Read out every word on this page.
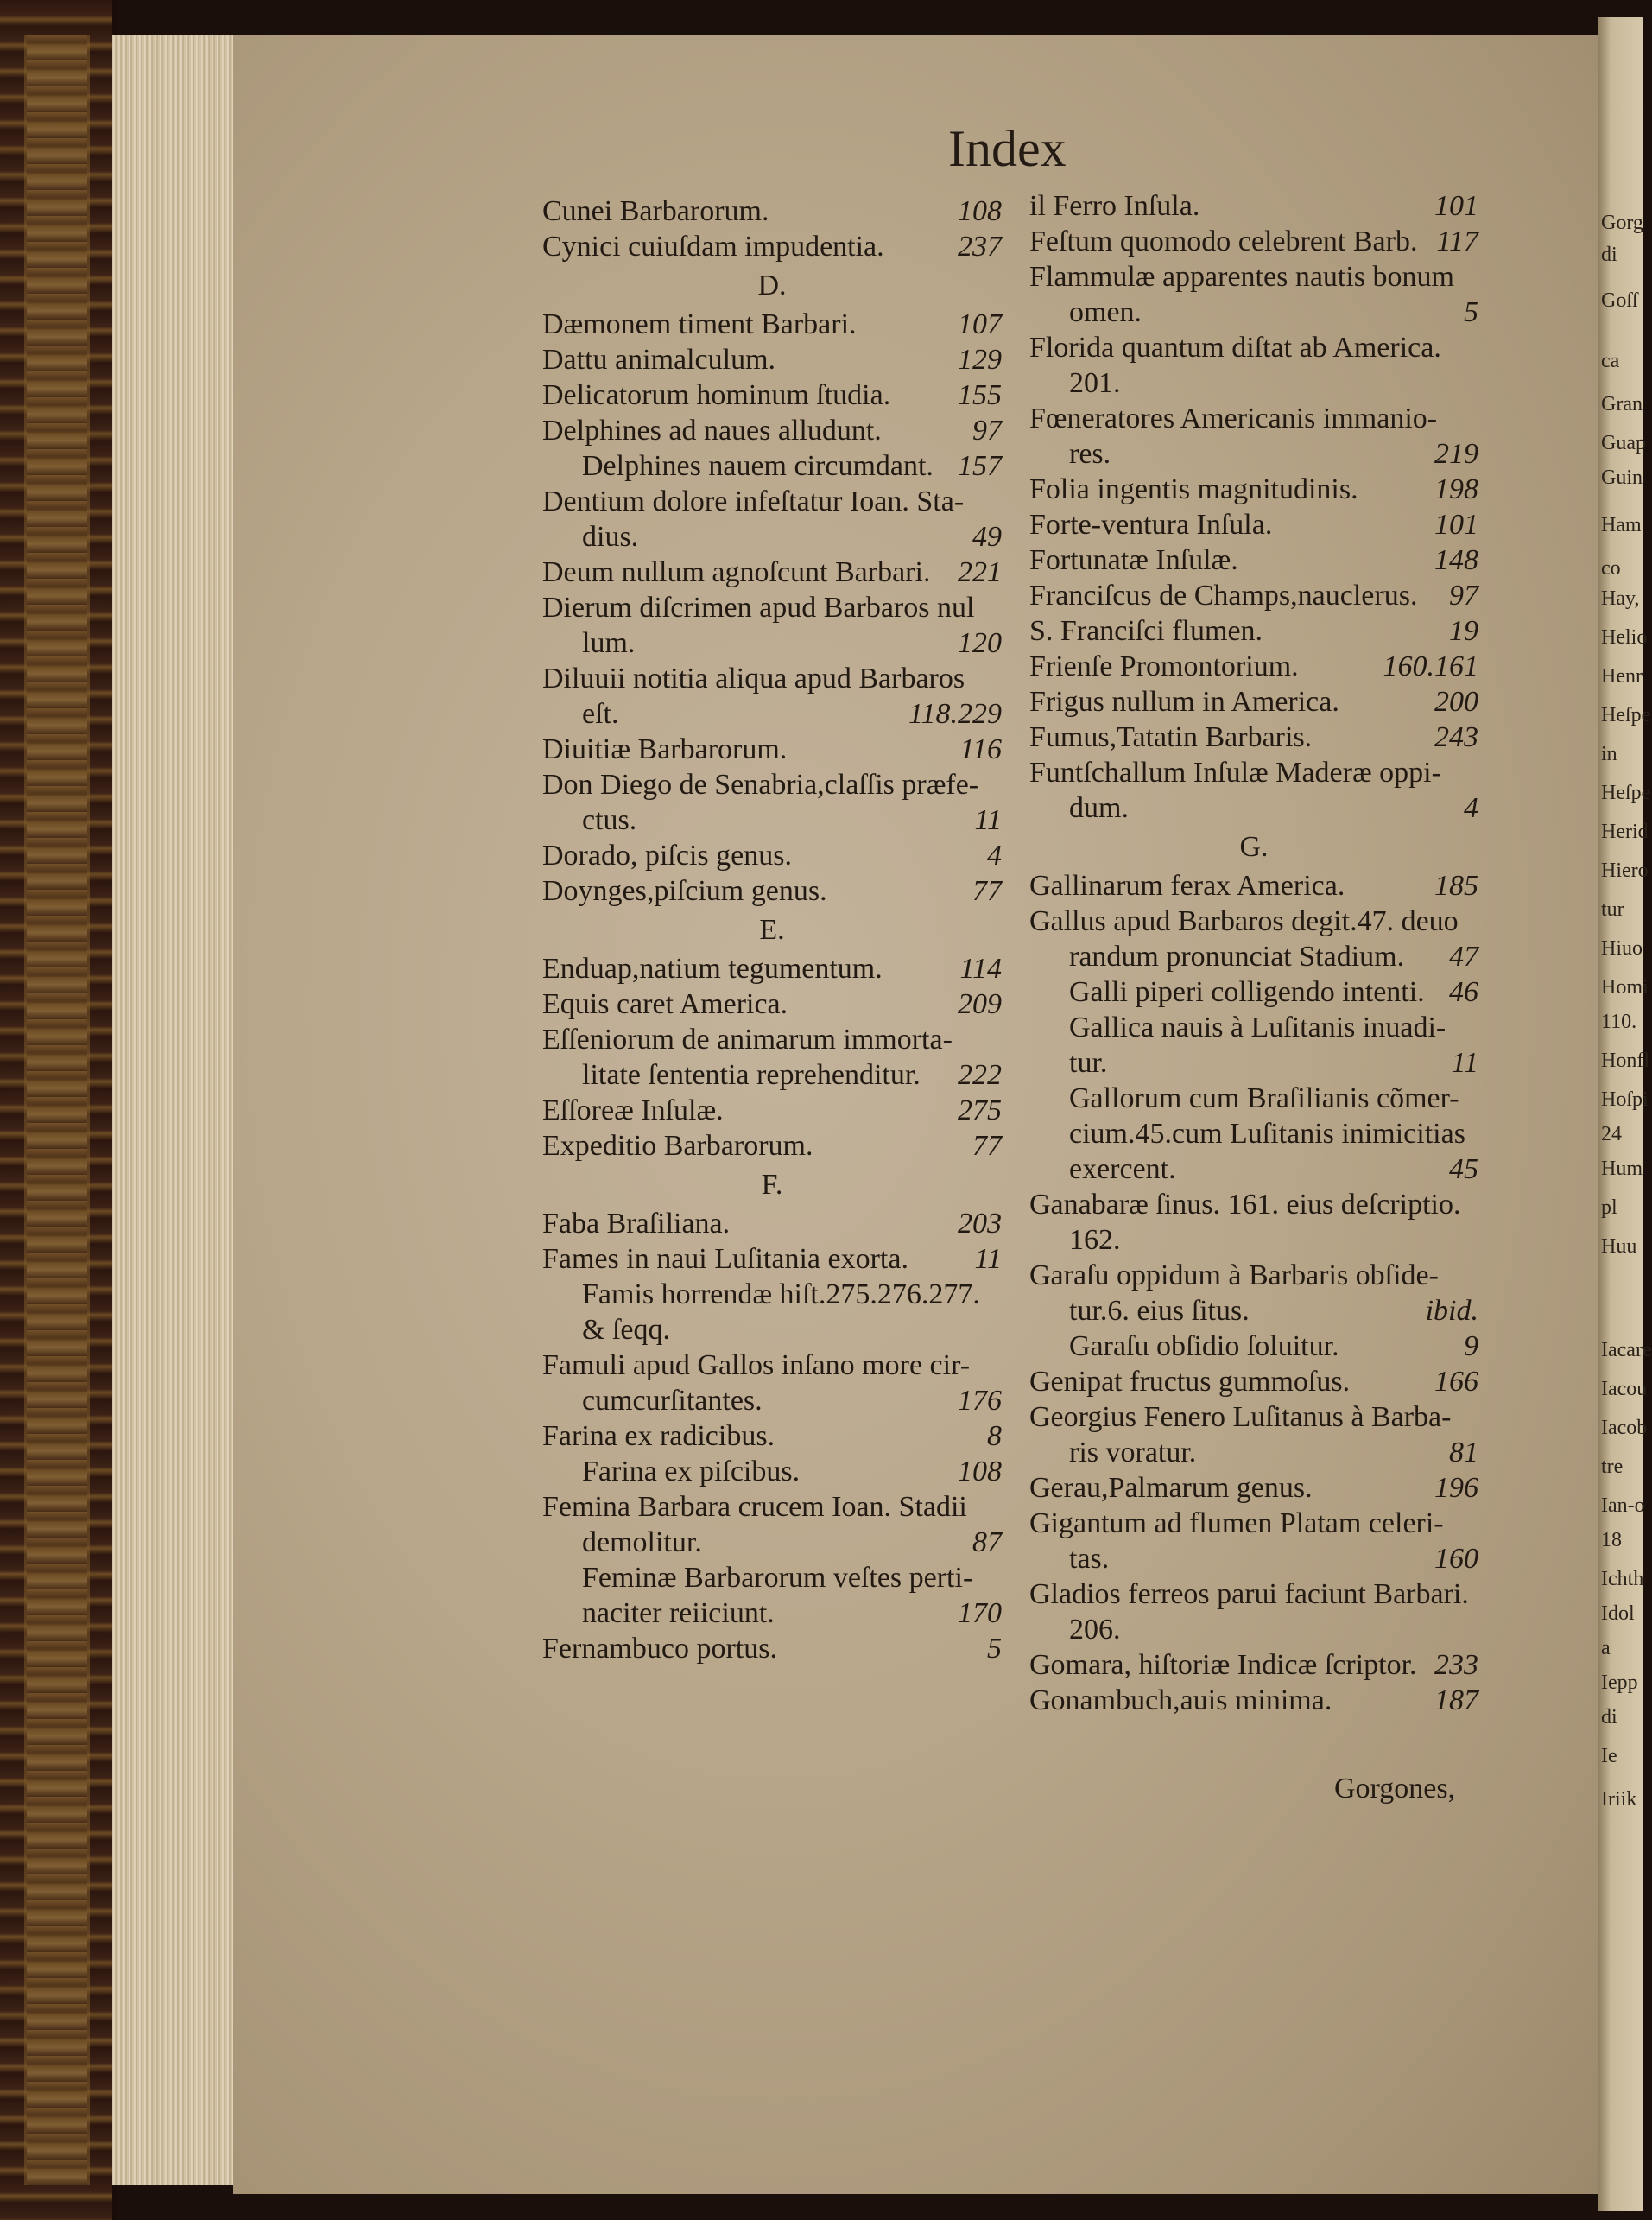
Index
Cunei Barbarorum.	108
Cynici cuiuſdam impudentia.	237
D.
Dæmonem timent Barbari.	107
Dattu animalculum.	129
Delicatorum hominum ſtudia. 155
Delphines ad naues alludunt.	97
Delphines nauem circumdant. 157
Dentium dolore infeſtatur Ioan. Sta-
dius.	49
Deum nullum agnoſcunt Barbari. 221
Dierum diſcrimen apud Barbaros nul
lum.	120
Diluuii notitia aliqua apud Barbaros
eſt.	118.229
Diuitiæ Barbarorum.	116
Don Diego de Senabria,claſſis præfe-
ctus.	11
Dorado, piſcis genus.	4
Doynges,piſcium genus.	77
E.
Enduap,natium tegumentum.	114
Equis caret America.	209
Eſſeniorum de animarum immorta-
litate ſententia reprehenditur. 222
Eſſoreæ Inſulæ.	275
Expeditio Barbarorum.	77
F.
Faba Braſiliana.	203
Fames in naui Luſitania exorta. 11
Famis horrendæ hiſt.275.276.277.
& ſeqq.
Famuli apud Gallos inſano more cir-
cumcurſitantes.	176
Farina ex radicibus.	8
Farina ex piſcibus.	108
Femina Barbara crucem Ioan. Stadii
demolitur.	87
Feminæ Barbarorum veſtes perti-
naciter reiiciunt.	170
Fernambuco portus.	5
il Ferro Inſula.	101
Feſtum quomodo celebrent Barb. 117
Flammulæ apparentes nautis bonum
omen.	5
Florida quantum diſtat ab America.
201.
Fœneratores Americanis immanio-
res.	219
Folia ingentis magnitudinis.	198
Forte-ventura Inſula.	101
Fortunatæ Inſulæ.	148
Franciſcus de Champs,nauclerus. 97
S. Franciſci flumen.	19
Frienſe Promontorium.	160.161
Frigus nullum in America.	200
Fumus,Tatatin Barbaris.	243
Funtſchallum Inſulæ Maderæ oppi-
dum.	4
G.
Gallinarum ferax America.	185
Gallus apud Barbaros degit.47. deuo
randum pronunciat Stadium. 47
Galli piperi colligendo intenti. 46
Gallica nauis à Luſitanis inuadi-
tur.	11
Gallorum cum Braſilianis cõmer-
cium.45.cum Luſitanis inimicitias
exercent.	45
Ganabaræ ſinus. 161. eius deſcriptio.
162.
Garaſu oppidum à Barbaris obſide-
tur.6. eius ſitus.	ibid.
Garaſu obſidio ſoluitur.	9
Genipat fructus gummoſus.	166
Georgius Fenero Luſitanus à Barba-
ris voratur.	81
Gerau,Palmarum genus.	196
Gigantum ad flumen Platam celeri-
tas.	160
Gladios ferreos parui faciunt Barbari.
206.
Gomara, hiſtoriæ Indicæ ſcriptor. 233
Gonambuch,auis minima.	187
Gorgones,
Gorg
di
Goſſ
ca
Gran
Guap
Guin
Ham
co
Hay,
Helio
Henr
Heſpe
in
Heſpe
Herid
Hiero
tur
Hiuo
Homi
110.
Honfl
Hoſpi
24
Hum
pl
Huu
Iacare
Iacou
Iacob
tre
Ian-o
18
Ichth
Idol
a
Iepp
di
Ie
Iriik
